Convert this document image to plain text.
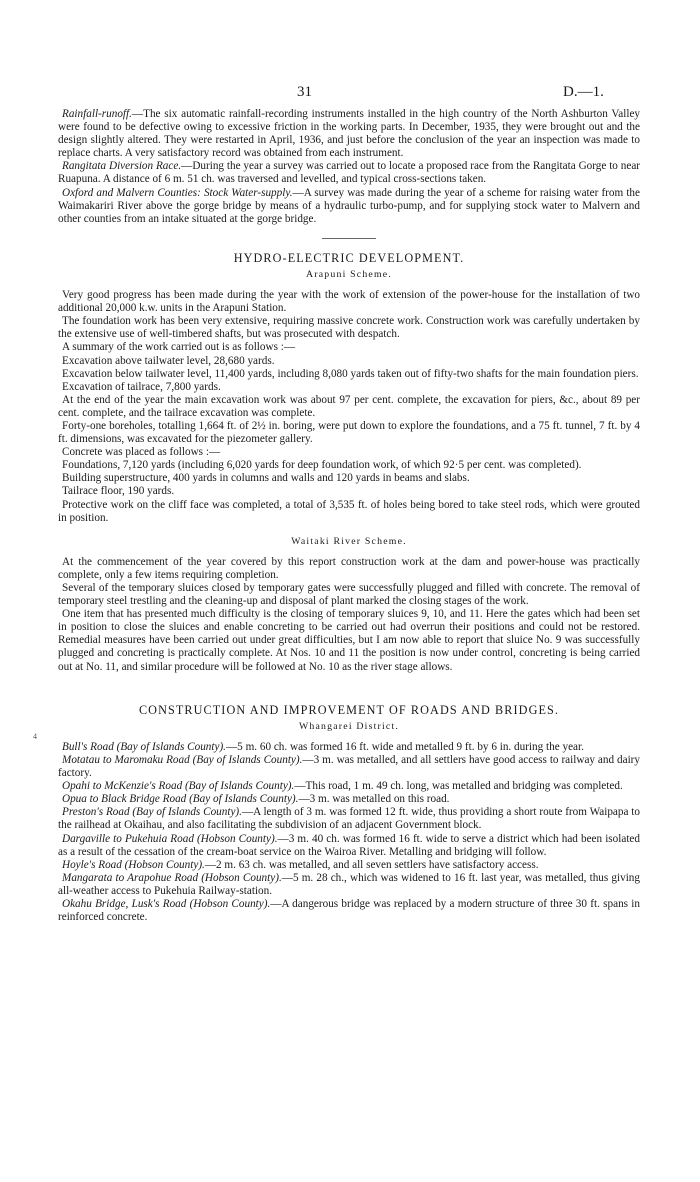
31	D.—1.

Rainfall-runoff.—The six automatic rainfall-recording instruments installed in the high country of the North Ashburton Valley were found to be defective owing to excessive friction in the working parts. In December, 1935, they were brought out and the design slightly altered. They were restarted in April, 1936, and just before the conclusion of the year an inspection was made to replace charts. A very satisfactory record was obtained from each instrument.

Rangitata Diversion Race.—During the year a survey was carried out to locate a proposed race from the Rangitata Gorge to near Ruapuna. A distance of 6 m. 51 ch. was traversed and levelled, and typical cross-sections taken.

Oxford and Malvern Counties: Stock Water-supply.—A survey was made during the year of a scheme for raising water from the Waimakariri River above the gorge bridge by means of a hydraulic turbo-pump, and for supplying stock water to Malvern and other counties from an intake situated at the gorge bridge.

HYDRO-ELECTRIC DEVELOPMENT.
Arapuni Scheme.

Very good progress has been made during the year with the work of extension of the power-house for the installation of two additional 20,000 k.w. units in the Arapuni Station.

The foundation work has been very extensive, requiring massive concrete work. Construction work was carefully undertaken by the extensive use of well-timbered shafts, but was prosecuted with despatch.

A summary of the work carried out is as follows :—

Excavation above tailwater level, 28,680 yards.

Excavation below tailwater level, 11,400 yards, including 8,080 yards taken out of fifty-two shafts for the main foundation piers.

Excavation of tailrace, 7,800 yards.

At the end of the year the main excavation work was about 97 per cent. complete, the excavation for piers, &c., about 89 per cent. complete, and the tailrace excavation was complete.

Forty-one boreholes, totalling 1,664 ft. of 2½ in. boring, were put down to explore the foundations, and a 75 ft. tunnel, 7 ft. by 4 ft. dimensions, was excavated for the piezometer gallery.

Concrete was placed as follows :—

Foundations, 7,120 yards (including 6,020 yards for deep foundation work, of which 92·5 per cent. was completed).

Building superstructure, 400 yards in columns and walls and 120 yards in beams and slabs.

Tailrace floor, 190 yards.

Protective work on the cliff face was completed, a total of 3,535 ft. of holes being bored to take steel rods, which were grouted in position.

Waitaki River Scheme.

At the commencement of the year covered by this report construction work at the dam and power-house was practically complete, only a few items requiring completion.

Several of the temporary sluices closed by temporary gates were successfully plugged and filled with concrete. The removal of temporary steel trestling and the cleaning-up and disposal of plant marked the closing stages of the work.

One item that has presented much difficulty is the closing of temporary sluices 9, 10, and 11. Here the gates which had been set in position to close the sluices and enable concreting to be carried out had overrun their positions and could not be restored. Remedial measures have been carried out under great difficulties, but I am now able to report that sluice No. 9 was successfully plugged and concreting is practically complete. At Nos. 10 and 11 the position is now under control, concreting is being carried out at No. 11, and similar procedure will be followed at No. 10 as the river stage allows.

CONSTRUCTION AND IMPROVEMENT OF ROADS AND BRIDGES.
Whangarei District.

Bull's Road (Bay of Islands County).—5 m. 60 ch. was formed 16 ft. wide and metalled 9 ft. by 6 in. during the year.

Motatau to Maromaku Road (Bay of Islands County).—3 m. was metalled, and all settlers have good access to railway and dairy factory.

Opahi to McKenzie's Road (Bay of Islands County).—This road, 1 m. 49 ch. long, was metalled and bridging was completed.

Opua to Black Bridge Road (Bay of Islands County).—3 m. was metalled on this road.

Preston's Road (Bay of Islands County).—A length of 3 m. was formed 12 ft. wide, thus providing a short route from Waipapa to the railhead at Okaihau, and also facilitating the subdivision of an adjacent Government block.

Dargaville to Pukehuia Road (Hobson County).—3 m. 40 ch. was formed 16 ft. wide to serve a district which had been isolated as a result of the cessation of the cream-boat service on the Wairoa River. Metalling and bridging will follow.

Hoyle's Road (Hobson County).—2 m. 63 ch. was metalled, and all seven settlers have satisfactory access.

Mangarata to Arapohue Road (Hobson County).—5 m. 28 ch., which was widened to 16 ft. last year, was metalled, thus giving all-weather access to Pukehuia Railway-station.

Okahu Bridge, Lusk's Road (Hobson County).—A dangerous bridge was replaced by a modern structure of three 30 ft. spans in reinforced concrete.

4
